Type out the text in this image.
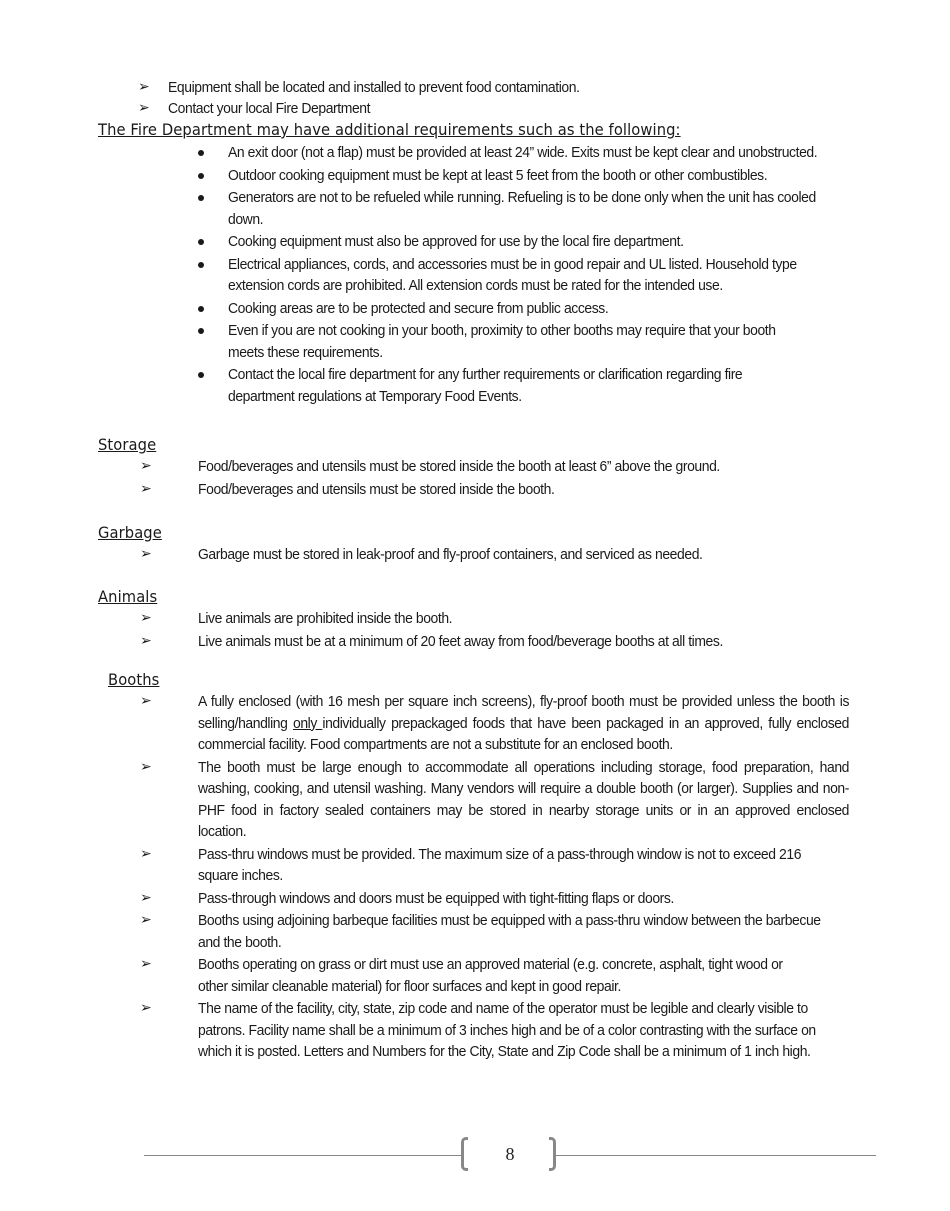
➢ Equipment shall be located and installed to prevent food contamination.
➢ Contact your local Fire Department
The Fire Department may have additional requirements such as the following:
An exit door (not a flap) must be provided at least 24” wide. Exits must be kept clear and unobstructed.
Outdoor cooking equipment must be kept at least 5 feet from the booth or other combustibles.
Generators are not to be refueled while running. Refueling is to be done only when the unit has cooled down.
Cooking equipment must also be approved for use by the local fire department.
Electrical appliances, cords, and accessories must be in good repair and UL listed. Household type extension cords are prohibited. All extension cords must be rated for the intended use.
Cooking areas are to be protected and secure from public access.
Even if you are not cooking in your booth, proximity to other booths may require that your booth meets these requirements.
Contact the local fire department for any further requirements or clarification regarding fire department regulations at Temporary Food Events.
Storage
➢	Food/beverages and utensils must be stored inside the booth at least 6” above the ground.
➢	Food/beverages and utensils must be stored inside the booth.
Garbage
➢	Garbage must be stored in leak-proof and fly-proof containers, and serviced as needed.
Animals
➢	Live animals are prohibited inside the booth.
➢	Live animals must be at a minimum of 20 feet away from food/beverage booths at all times.
Booths
➢	A fully enclosed (with 16 mesh per square inch screens), fly-proof booth must be provided unless the booth is selling/handling only individually prepackaged foods that have been packaged in an approved, fully enclosed commercial facility. Food compartments are not a substitute for an enclosed booth.
➢	The booth must be large enough to accommodate all operations including storage, food preparation, hand washing, cooking, and utensil washing. Many vendors will require a double booth (or larger). Supplies and non-PHF food in factory sealed containers may be stored in nearby storage units or in an approved enclosed location.
➢	Pass-thru windows must be provided. The maximum size of a pass-through window is not to exceed 216 square inches.
➢	Pass-through windows and doors must be equipped with tight-fitting flaps or doors.
➢	Booths using adjoining barbeque facilities must be equipped with a pass-thru window between the barbecue and the booth.
➢	Booths operating on grass or dirt must use an approved material (e.g. concrete, asphalt, tight wood or other similar cleanable material) for floor surfaces and kept in good repair.
➢	The name of the facility, city, state, zip code and name of the operator must be legible and clearly visible to patrons. Facility name shall be a minimum of 3 inches high and be of a color contrasting with the surface on which it is posted. Letters and Numbers for the City, State and Zip Code shall be a minimum of 1 inch high.
8
